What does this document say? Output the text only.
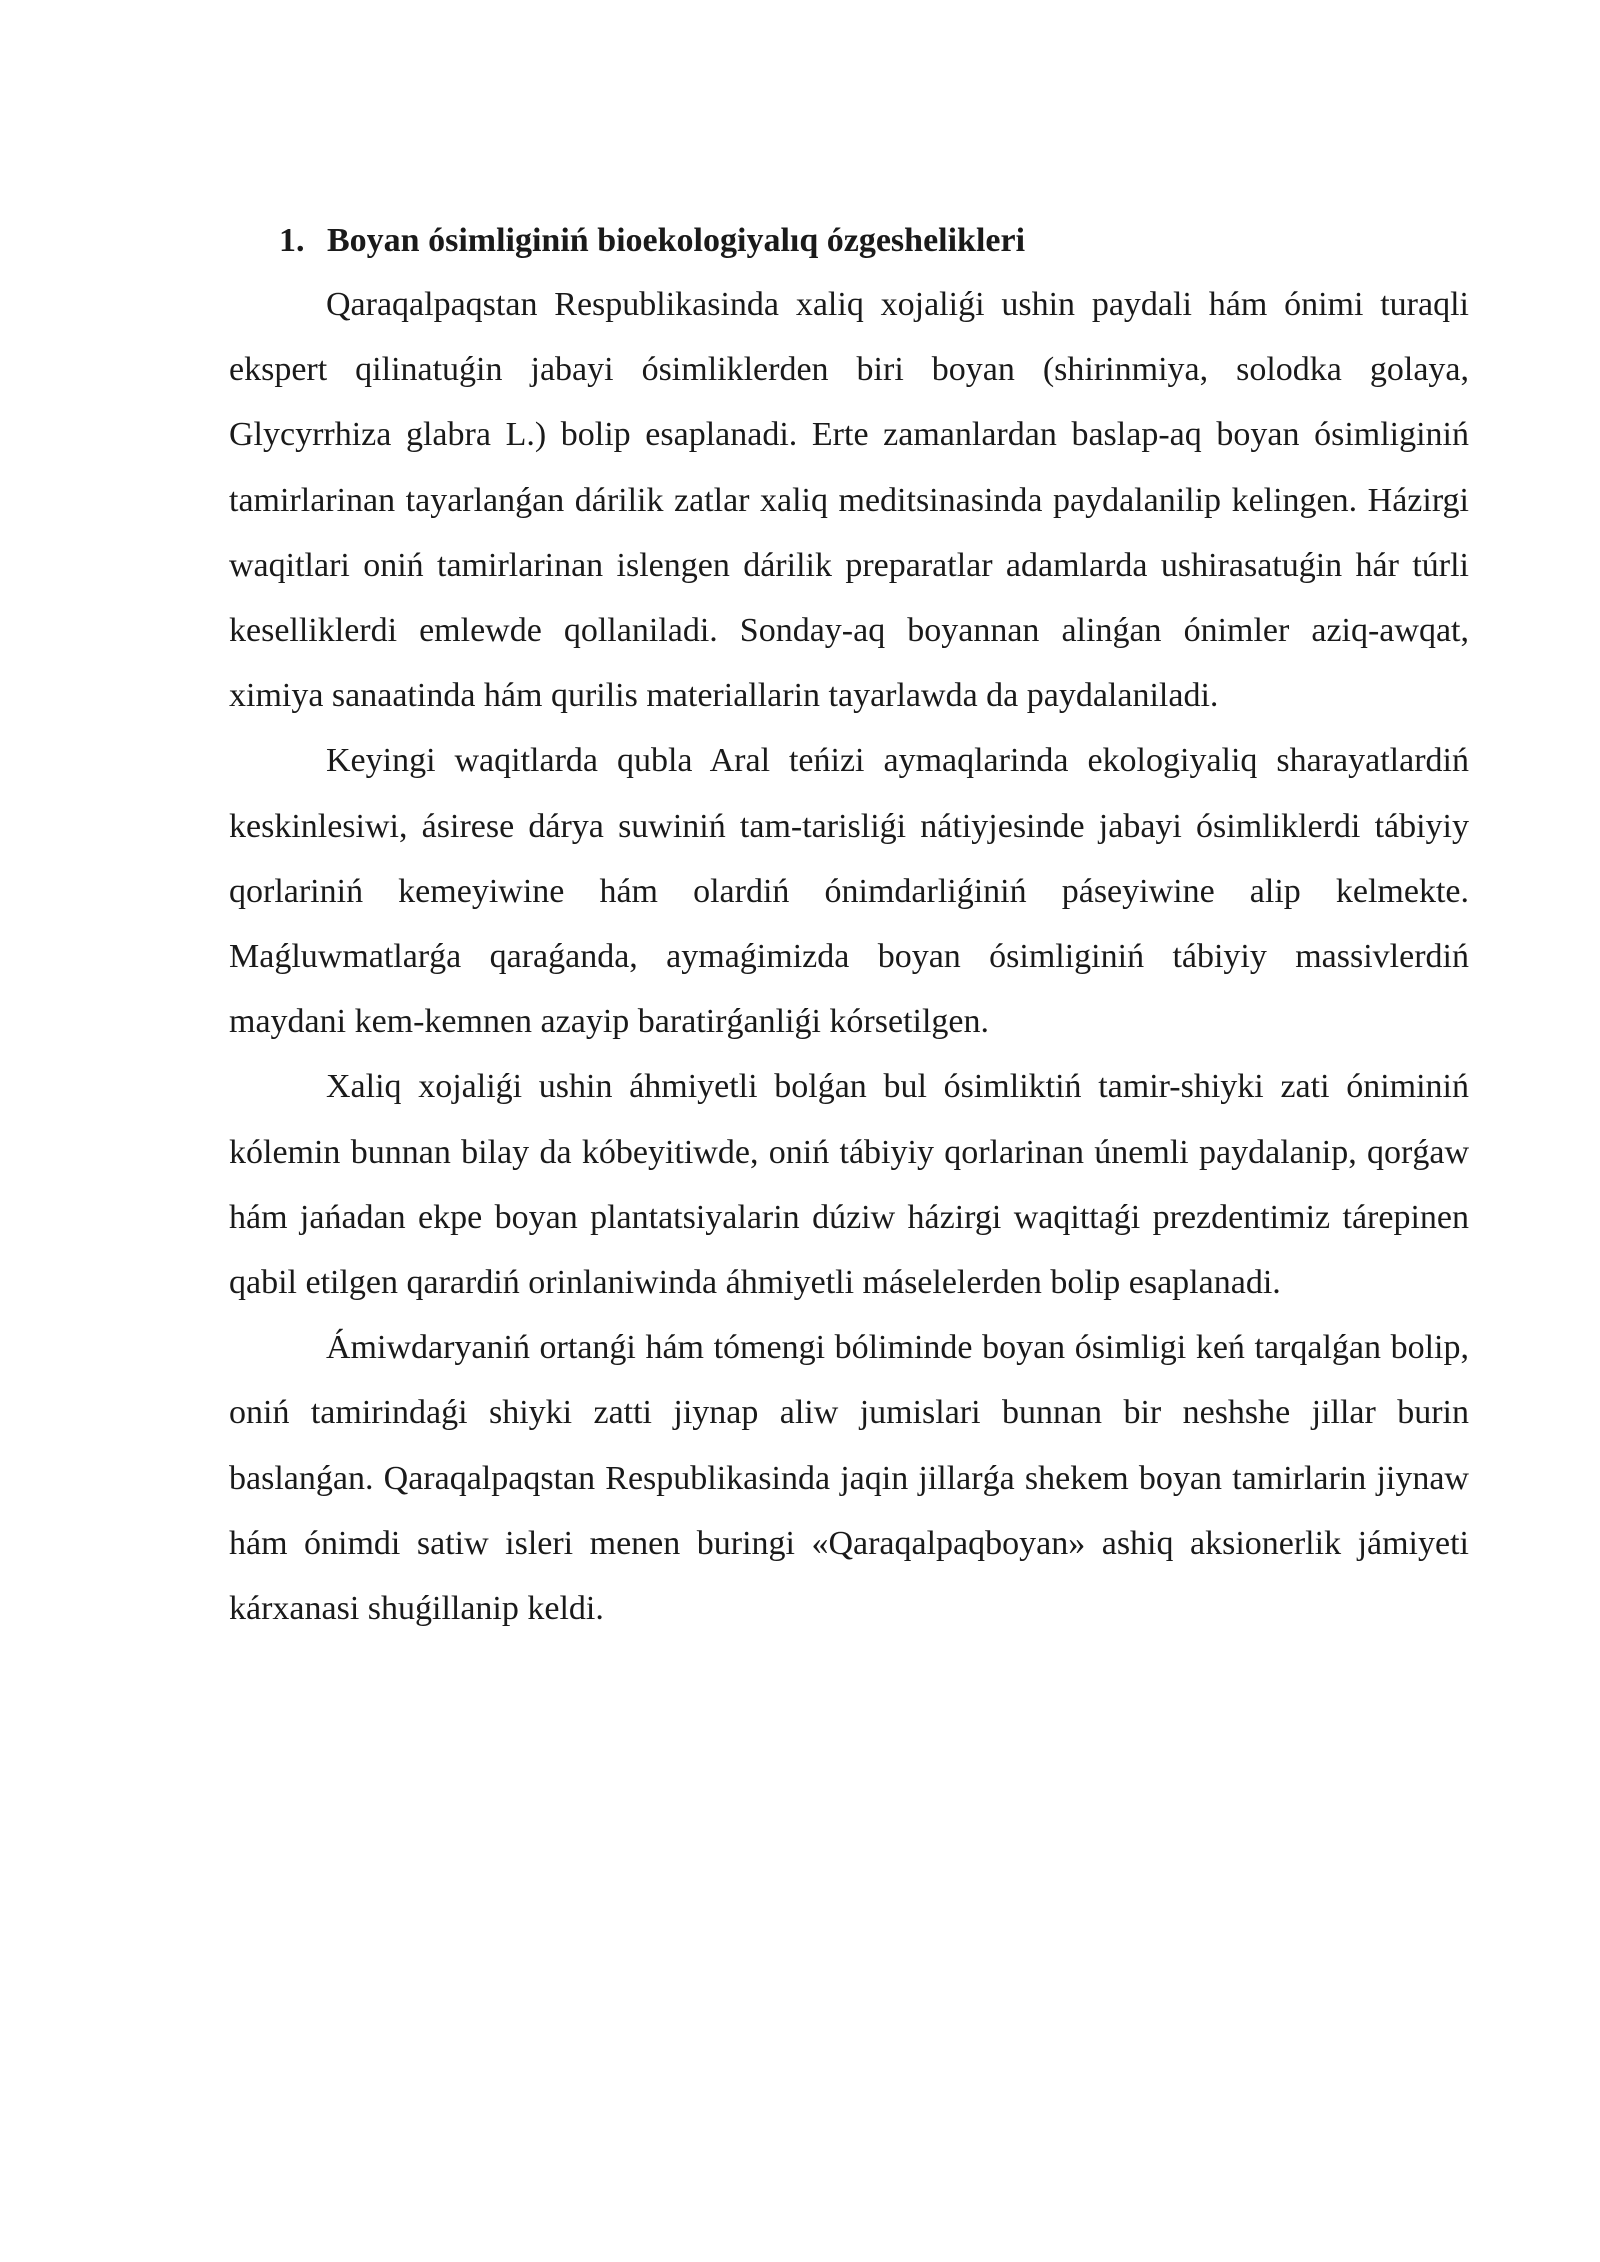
1. Boyan ósimliginiń bioekologiyalıq ózgeshelikleri

Qaraqalpaqstan Respublikasinda xaliq xojaliǵi ushin paydali hám ónimi turaqli ekspert qilinatuǵin jabayi ósimliklerden biri boyan (shirinmiya, solodka golaya, Glycyrrhiza glabra L.) bolip esaplanadi. Erte zamanlardan baslap-aq boyan ósimliginiń tamirlarinan tayarlanǵan dárilik zatlar xaliq meditsinasinda paydalanilip kelingen. Házirgi waqitlari oniń tamirlarinan islengen dárilik preparatlar adamlarda ushirasatuǵin hár túrli keselliklerdi emlewde qollaniladi. Sonday-aq boyannan alinǵan ónimler aziq-awqat, ximiya sanaatinda hám qurilis materiallarin tayarlawda da paydalaniladi.

Keyingi waqitlarda qubla Aral teńizi aymaqlarinda ekologiyaliq sharayatlardiń keskinlesiwi, ásirese dárya suwiniń tam-tarisliǵi nátiyjesinde jabayi ósimliklerdi tábiyiy qorlariniń kemeyiwine hám olardiń ónimdarliǵiniń páseyiwine alip kelmekte. Maǵluwmatlarǵa qaraǵanda, aymaǵimizda boyan ósimliginiń tábiyiy massivlerdiń maydani kem-kemnen azayip baratirǵanliǵi kórsetilgen.

Xaliq xojaliǵi ushin áhmiyetli bolǵan bul ósimliktiń tamir-shiyki zati óniminiń kólemin bunnan bilay da kóbeyitiwde, oniń tábiyiy qorlarinan únemli paydalanip, qorǵaw hám jańadan ekpe boyan plantatsiyalarin dúziw házirgi waqittaǵi prezdentimiz tárepinen qabil etilgen qarardiń orinlaniwinda áhmiyetli máselelerden bolip esaplanadi.

Ámiwdaryaniń ortanǵi hám tómengi bóliminde boyan ósimligi keń tarqalǵan bolip, oniń tamirindaǵi shiyki zatti jiynap aliw jumislari bunnan bir neshshe jillar burin baslanǵan. Qaraqalpaqstan Respublikasinda jaqin jillarǵa shekem boyan tamirlarin jiynaw hám ónimdi satiw isleri menen buringi «Qaraqalpaqboyan» ashiq aksionerlik jámiyeti kárxanasi shuǵillanip keldi.
